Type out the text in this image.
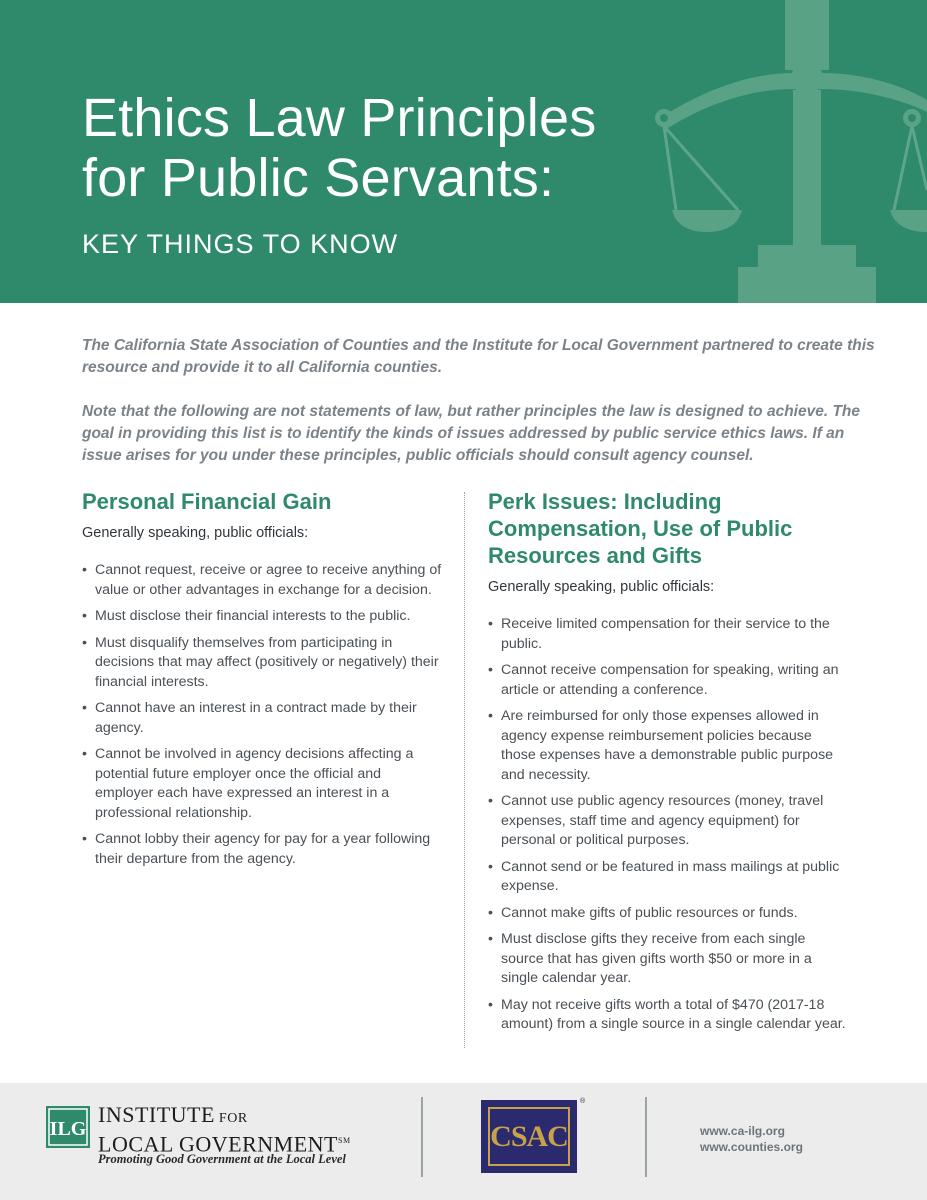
Ethics Law Principles
for Public Servants:
KEY THINGS TO KNOW

The California State Association of Counties and the Institute for Local Government partnered to create this resource and provide it to all California counties.

Note that the following are not statements of law, but rather principles the law is designed to achieve. The goal in providing this list is to identify the kinds of issues addressed by public service ethics laws. If an issue arises for you under these principles, public officials should consult agency counsel.

Personal Financial Gain

Generally speaking, public officials:

• Cannot request, receive or agree to receive anything of value or other advantages in exchange for a decision.
• Must disclose their financial interests to the public.
• Must disqualify themselves from participating in decisions that may affect (positively or negatively) their financial interests.
• Cannot have an interest in a contract made by their agency.
• Cannot be involved in agency decisions affecting a potential future employer once the official and employer each have expressed an interest in a professional relationship.
• Cannot lobby their agency for pay for a year following their departure from the agency.
Perk Issues: Including Compensation, Use of Public Resources and Gifts

Generally speaking, public officials:

• Receive limited compensation for their service to the public.
• Cannot receive compensation for speaking, writing an article or attending a conference.
• Are reimbursed for only those expenses allowed in agency expense reimbursement policies because those expenses have a demonstrable public purpose and necessity.
• Cannot use public agency resources (money, travel expenses, staff time and agency equipment) for personal or political purposes.
• Cannot send or be featured in mass mailings at public expense.
• Cannot make gifts of public resources or funds.
• Must disclose gifts they receive from each single source that has given gifts worth $50 or more in a single calendar year.
• May not receive gifts worth a total of $470 (2017-18 amount) from a single source in a single calendar year.
ILG
INSTITUTE FOR
LOCAL GOVERNMENT℠
Promoting Good Government at the Local Level
CSAC
®
www.ca-ilg.org
www.counties.org
